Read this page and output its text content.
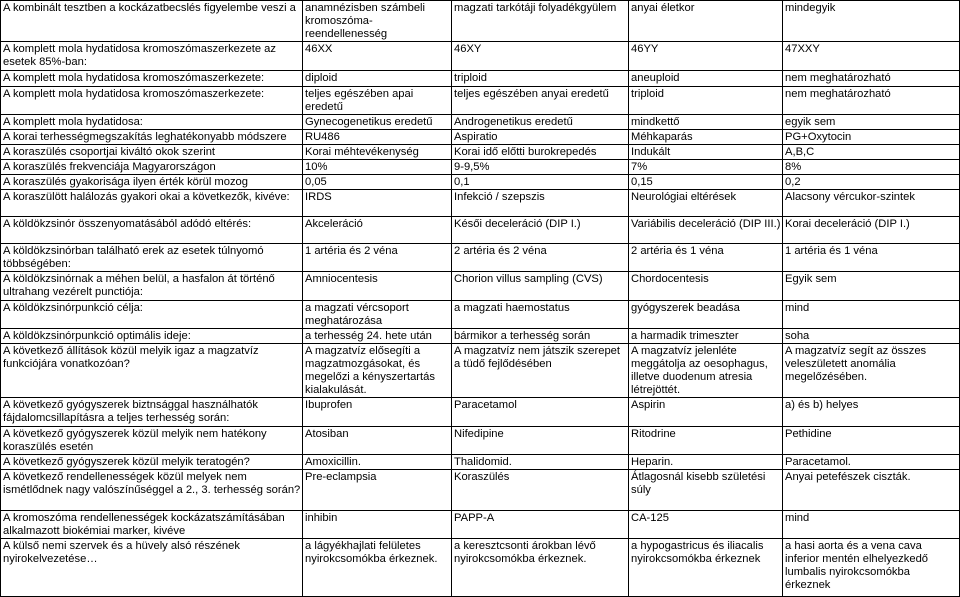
A kombinált tesztben a kockázatbecslés figyelembe veszi a	anamnézisben számbeli kromoszóma-reendellenesség	magzati tarkótáji folyadékgyülem	anyai életkor	mindegyik
A komplett mola hydatidosa kromoszómaszerkezete az esetek 85%-ban:	46XX	46XY	46YY	47XXY
A komplett mola hydatidosa kromoszómaszerkezete:	diploid	triploid	aneuploid	nem meghatározható
A komplett mola hydatidosa kromoszómaszerkezete:	teljes egészében apai eredetű	teljes egészében anyai eredetű	triploid	nem meghatározható
A komplett mola hydatidosa:	Gynecogenetikus eredetű	Androgenetikus eredetű	mindkettő	egyik sem
A korai terhességmegszakítás leghatékonyabb módszere	RU486	Aspiratio	Méhkaparás	PG+Oxytocin
A koraszülés csoportjai kiváltó okok szerint	Korai méhtevékenység	Korai idő előtti burokrepedés	Indukált	A,B,C
A koraszülés frekvenciája Magyarországon	10%	9-9,5%	7%	8%
A koraszülés gyakorisága ilyen érték körül mozog	0,05	0,1	0,15	0,2
A koraszülött halálozás gyakori okai a következők, kivéve:	IRDS	Infekció / szepszis	Neurológiai eltérések	Alacsony vércukor-szintek
A köldökzsinór összenyomatásából adódó eltérés:	Akceleráció	Késői deceleráció (DIP I.)	Variábilis deceleráció (DIP III.)	Korai deceleráció (DIP I.)
A köldökzsinórban található erek az esetek túlnyomó többségében:	1 artéria és 2 véna	2 artéria és 2 véna	2 artéria és 1 véna	1 artéria és 1 véna
A köldökzsinórnak a méhen belül, a hasfalon át történő ultrahang vezérelt punctiója:	Amniocentesis	Chorion villus sampling (CVS)	Chordocentesis	Egyik sem
A köldökzsinórpunkció célja:	a magzati vércsoport meghatározása	a magzati haemostatus	gyógyszerek beadása	mind
A köldökzsinórpunkció optimális ideje:	a terhesség 24. hete után	bármikor a terhesség során	a harmadik trimeszter	soha
A következő állítások közül melyik igaz a magzatvíz funkciójára vonatkozóan?	A magzatvíz elősegíti a magzatmozgásokat, és megelőzi a kényszertartás kialakulását.	A magzatvíz nem játszik szerepet a tüdő fejlődésében	A magzatvíz jelenléte meggátolja az oesophagus, illetve duodenum atresia létrejöttét.	A magzatvíz segít az összes veleszületett anomália megelőzésében.
A következő gyógyszerek biztnsággal használhatók fájdalomcsillapításra a teljes terhesség során:	Ibuprofen	Paracetamol	Aspirin	a) és b) helyes
A következő gyógyszerek közül melyik nem hatékony koraszülés esetén	Atosiban	Nifedipine	Ritodrine	Pethidine
A következő gyógyszerek közül melyik teratogén?	Amoxicillin.	Thalidomid.	Heparin.	Paracetamol.
A következő rendellenességek közül melyek nem ismétlődnek nagy valószínűséggel a 2., 3. terhesség során?	Pre-eclampsia	Koraszülés	Átlagosnál kisebb születési súly	Anyai petefészek ciszták.
A kromoszóma rendellenességek kockázatszámításában alkalmazott biokémiai marker, kivéve	inhibin	PAPP-A	CA-125	mind
A külső nemi szervek és a hüvely alsó részének nyirokelvezetése…	a lágyékhajlati felületes nyirokcsomókba érkeznek.	a keresztcsonti árokban lévő nyirokcsomókba érkeznek.	a hypogastricus és iliacalis nyirokcsomókba érkeznek	a hasi aorta és a vena cava inferior mentén elhelyezkedő lumbalis nyirokcsomókba érkeznek
